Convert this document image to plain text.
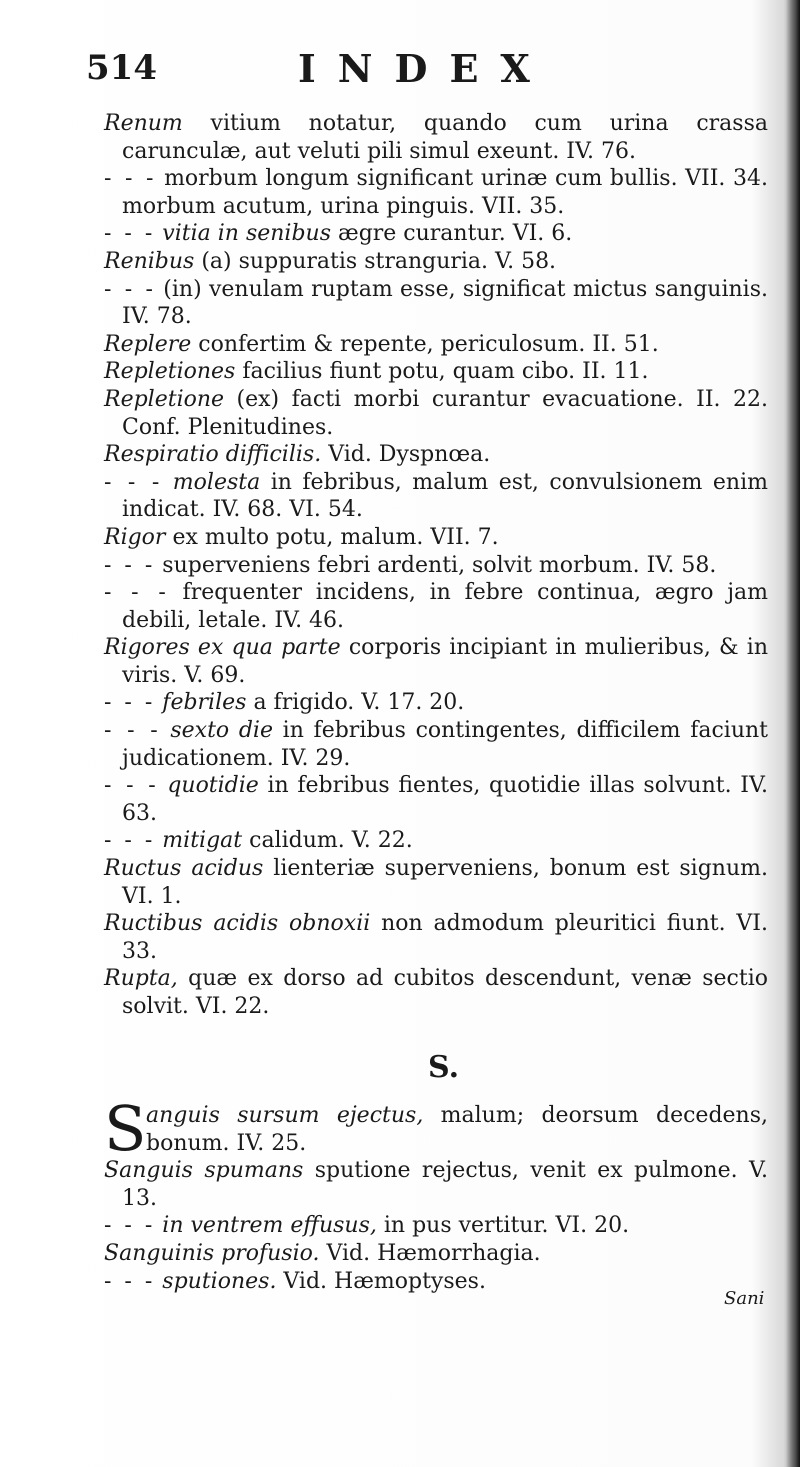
514	INDEX

Renum vitium notatur, quando cum urina crassa carunculæ, aut veluti pili simul exeunt. IV. 76.

- - - morbum longum significant urinæ cum bullis. VII. 34. morbum acutum, urina pinguis. VII. 35.

- - - vitia in senibus ægre curantur. VI. 6.

Renibus (a) suppuratis stranguria. V. 58.

- - - (in) venulam ruptam esse, significat mictus sanguinis. IV. 78.

Replere confertim & repente, periculosum. II. 51.

Repletiones facilius fiunt potu, quam cibo. II. 11.

Repletione (ex) facti morbi curantur evacuatione. II. 22. Conf. Plenitudines.

Respiratio difficilis. Vid. Dyspnœa.

- - - molesta in febribus, malum est, convulsionem enim indicat. IV. 68. VI. 54.

Rigor ex multo potu, malum. VII. 7.

- - - superveniens febri ardenti, solvit morbum. IV. 58.

- - - frequenter incidens, in febre continua, ægro jam debili, letale. IV. 46.

Rigores ex qua parte corporis incipiant in mulieribus, & in viris. V. 69.

- - - febriles a frigido. V. 17. 20.

- - - sexto die in febribus contingentes, difficilem faciunt judicationem. IV. 29.

- - - quotidie in febribus fientes, quotidie illas solvunt. IV. 63.

- - - mitigat calidum. V. 22.

Ructus acidus lienteriæ superveniens, bonum est signum. VI. 1.

Ructibus acidis obnoxii non admodum pleuritici fiunt. VI. 33.

Rupta, quæ ex dorso ad cubitos descendunt, venæ sectio solvit. VI. 22.

S.

S anguis sursum ejectus, malum; deorsum decedens, bonum. IV. 25.

Sanguis spumans sputione rejectus, venit ex pulmone. V. 13.

- - - in ventrem effusus, in pus vertitur. VI. 20.

Sanguinis profusio. Vid. Hæmorrhagia.

- - - sputiones. Vid. Hæmoptyses.

Sani
